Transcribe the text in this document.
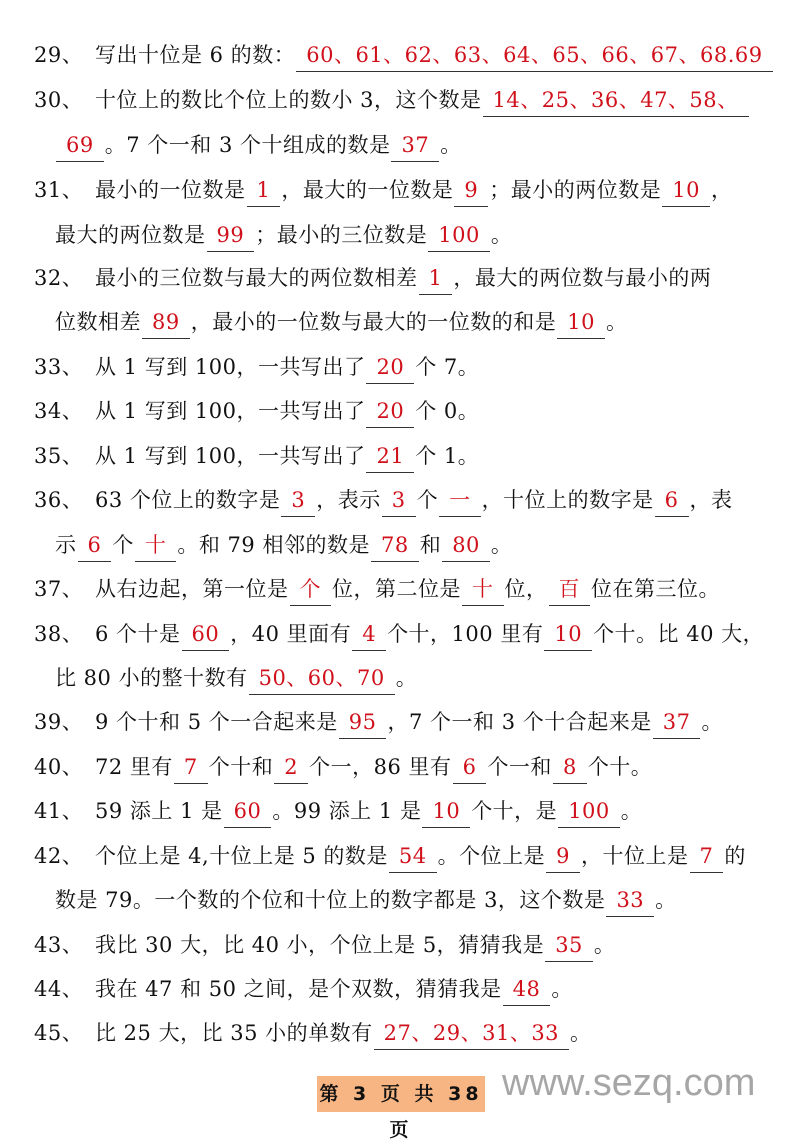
29、 写出十位是 6 的数： 60、61、62、63、64、65、66、67、68.69
30、 十位上的数比个位上的数小 3，这个数是 14、25、36、47、58、
69 。7 个一和 3 个十组成的数是 37 。
31、 最小的一位数是 1 ，最大的一位数是 9 ；最小的两位数是 10 ，
最大的两位数是 99 ；最小的三位数是 100 。
32、 最小的三位数与最大的两位数相差 1 ，最大的两位数与最小的两
位数相差 89 ，最小的一位数与最大的一位数的和是 10 。
33、 从 1 写到 100，一共写出了 20 个 7。
34、 从 1 写到 100，一共写出了 20 个 0。
35、 从 1 写到 100，一共写出了 21 个 1。
36、 63 个位上的数字是 3 ，表示 3 个 一 ，十位上的数字是 6 ，表
示 6 个 十 。和 79 相邻的数是 78 和 80 。
37、 从右边起，第一位是 个 位，第二位是 十 位， 百 位在第三位。
38、 6 个十是 60 ，40 里面有 4 个十，100 里有 10 个十。比 40 大，
比 80 小的整十数有 50、60、70 。
39、 9 个十和 5 个一合起来是 95 ，7 个一和 3 个十合起来是 37 。
40、 72 里有 7 个十和 2 个一，86 里有 6 个一和 8 个十。
41、 59 添上 1 是 60 。99 添上 1 是 10 个十，是 100 。
42、 个位上是 4,十位上是 5 的数是 54 。个位上是 9 ，十位上是 7 的
数是 79。一个数的个位和十位上的数字都是 3，这个数是 33 。
43、 我比 30 大，比 40 小，个位上是 5，猜猜我是 35 。
44、 我在 47 和 50 之间，是个双数，猜猜我是 48 。
45、 比 25 大，比 35 小的单数有 27、29、31、33 。
第 3 页 共 38 页
www.sezq.com
